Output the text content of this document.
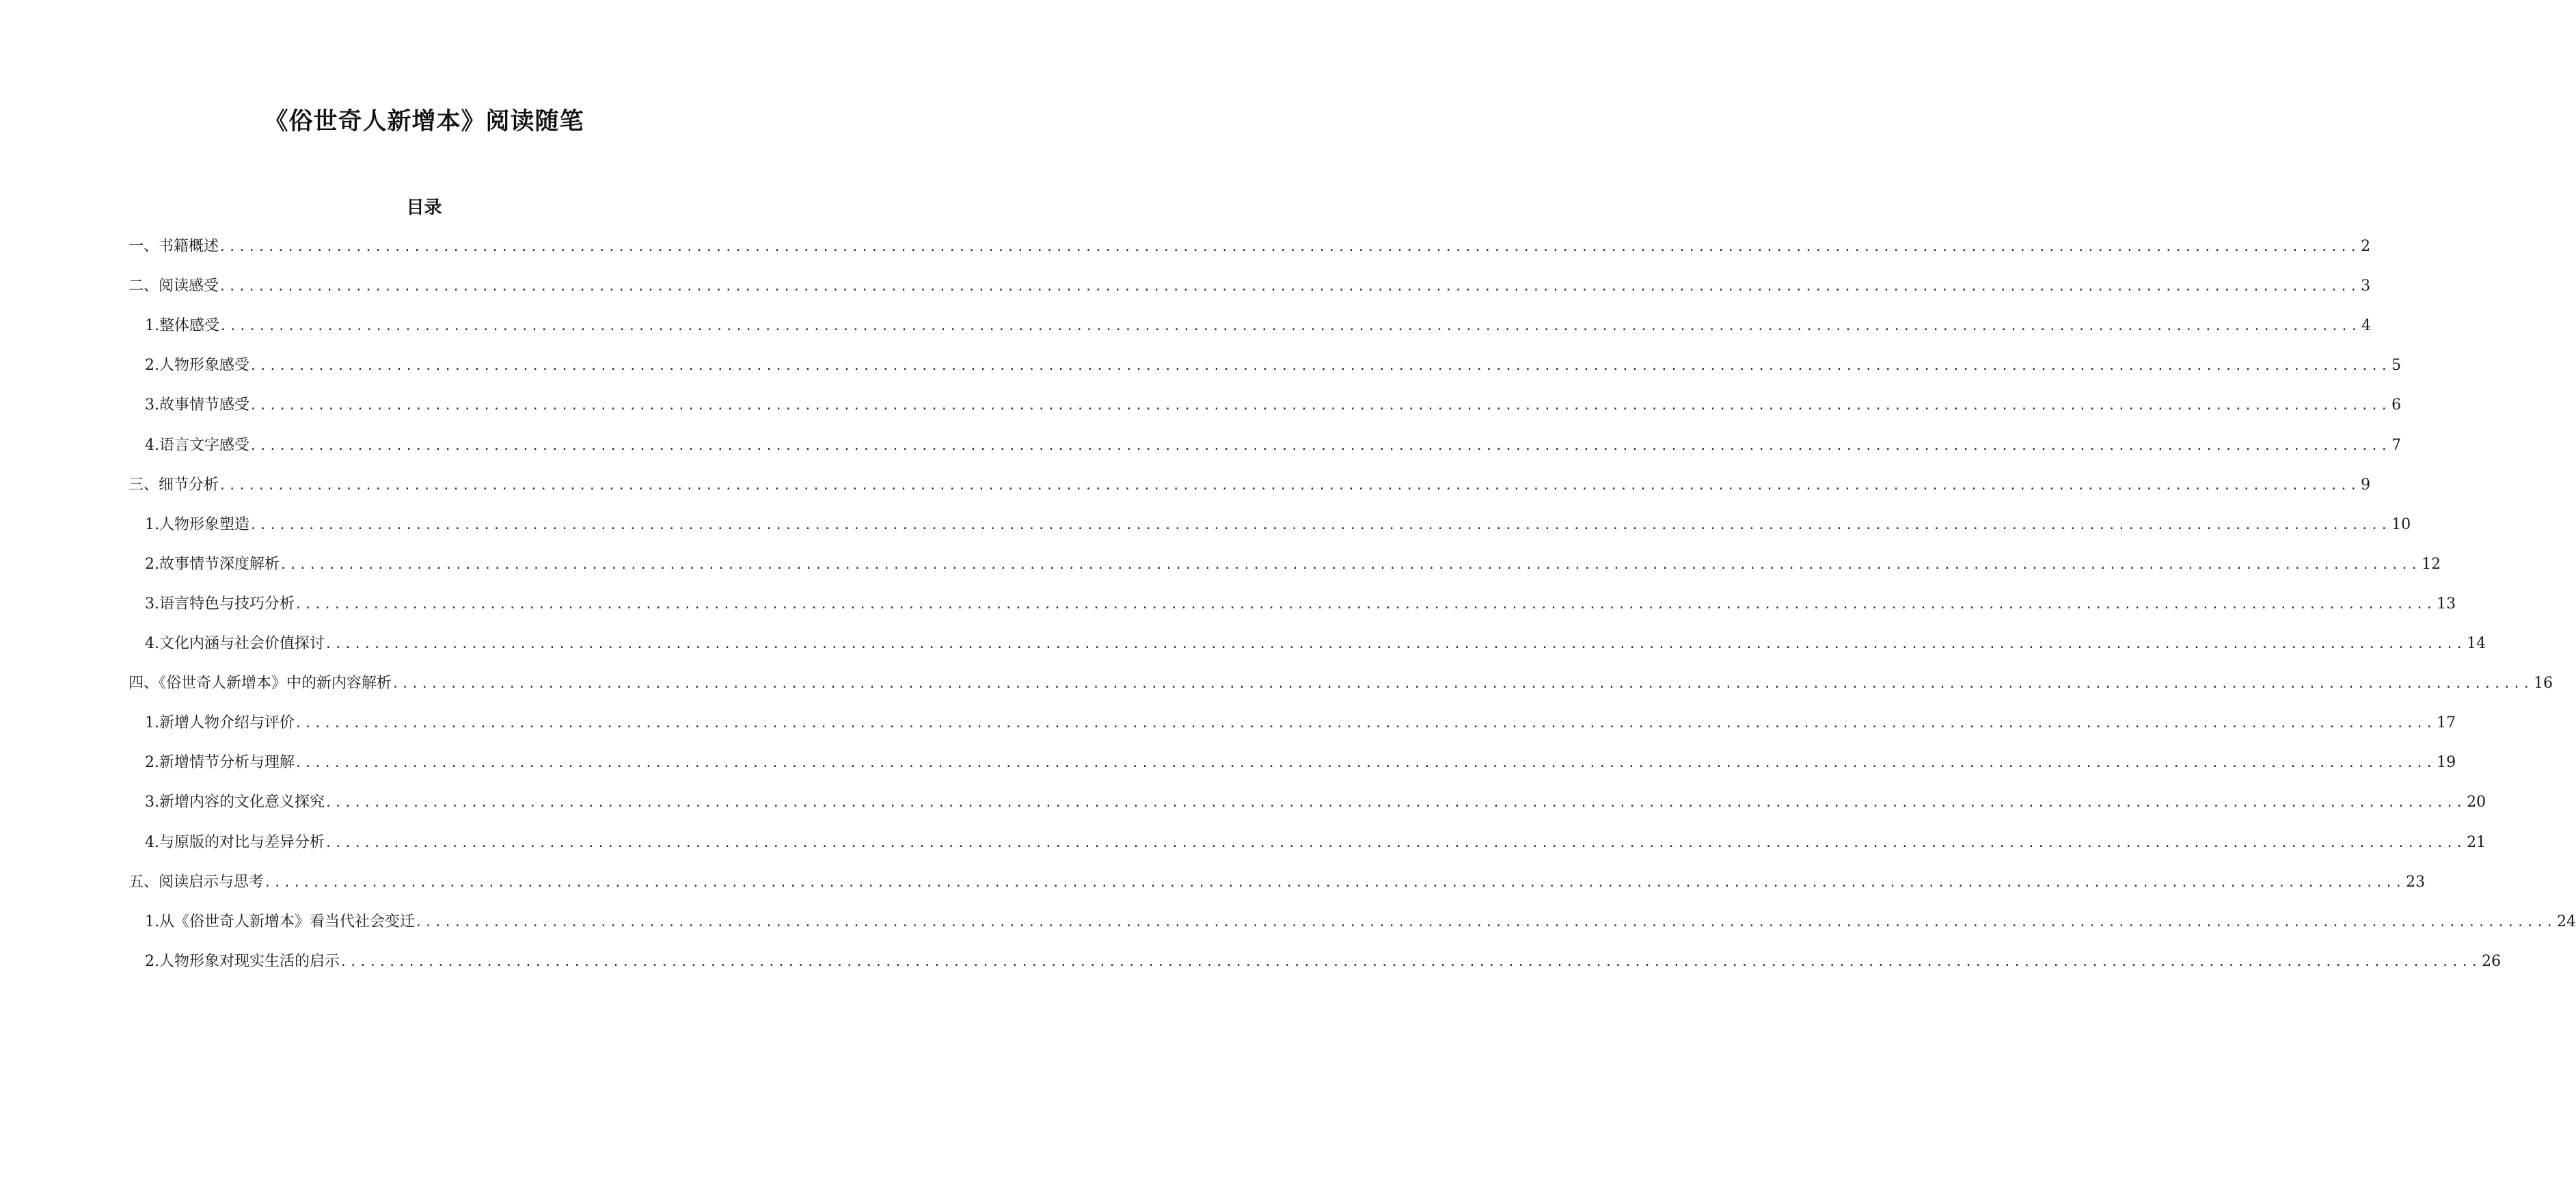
《俗世奇人新增本》阅读随笔
目录
一、书籍概述 ............................................................................................................................................................................................................................ 2
二、阅读感受 ............................................................................................................................................................................................................................ 3
1. 整体感受 ............................................................................................................................................................................................................................ 4
2. 人物形象感受 ............................................................................................................................................................................................................................ 5
3. 故事情节感受 ............................................................................................................................................................................................................................ 6
4. 语言文字感受 ............................................................................................................................................................................................................................ 7
三、细节分析 ............................................................................................................................................................................................................................ 9
1. 人物形象塑造 ............................................................................................................................................................................................................................ 10
2. 故事情节深度解析 ............................................................................................................................................................................................................................ 12
3. 语言特色与技巧分析 ............................................................................................................................................................................................................................ 13
4. 文化内涵与社会价值探讨 ............................................................................................................................................................................................................................ 14
四、《俗世奇人新增本》中的新内容解析 ............................................................................................................................................................................................................................ 16
1. 新增人物介绍与评价 ............................................................................................................................................................................................................................ 17
2. 新增情节分析与理解 ............................................................................................................................................................................................................................ 19
3. 新增内容的文化意义探究 ............................................................................................................................................................................................................................ 20
4. 与原版的对比与差异分析 ............................................................................................................................................................................................................................ 21
五、阅读启示与思考 ............................................................................................................................................................................................................................ 23
1. 从《俗世奇人新增本》看当代社会变迁 ............................................................................................................................................................................................................................ 24
2. 人物形象对现实生活的启示 ............................................................................................................................................................................................................................ 26
